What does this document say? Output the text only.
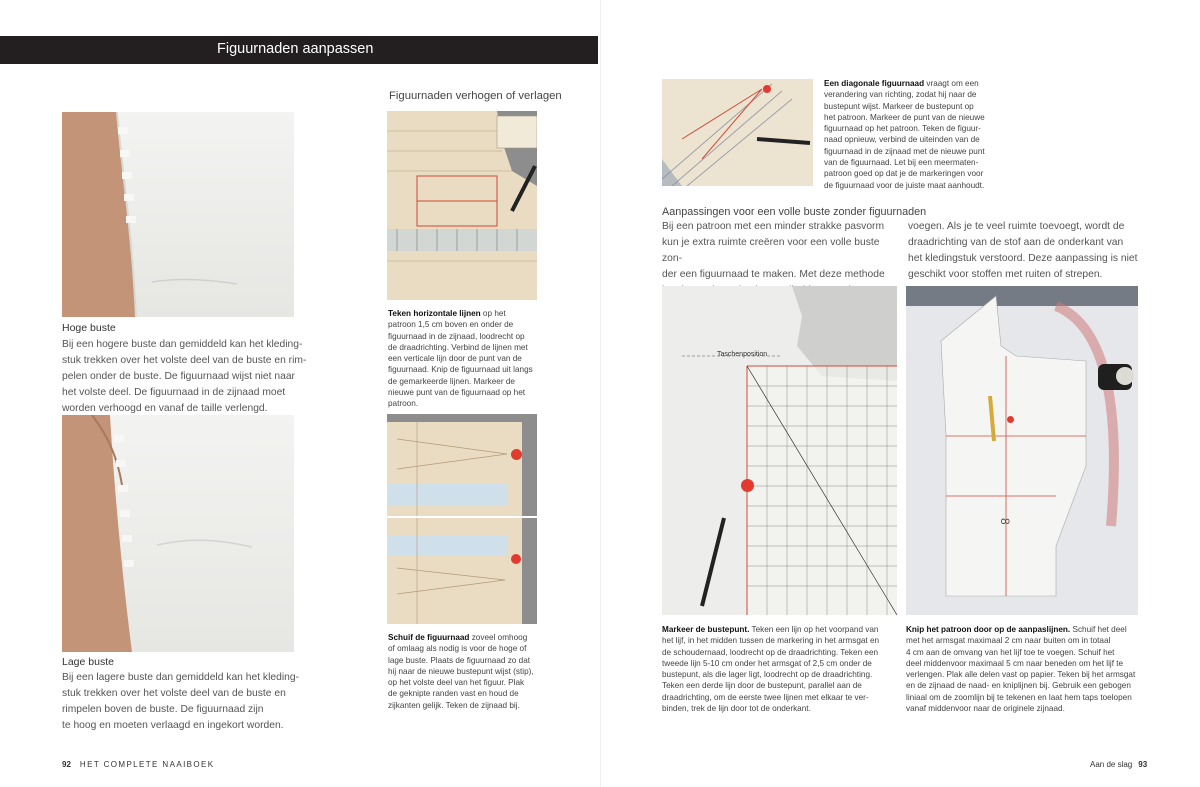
Figuurnaden aanpassen
Hoge buste
Bij een hogere buste dan gemiddeld kan het kleding-
stuk trekken over het volste deel van de buste en rim-
pelen onder de buste. De figuurnaad wijst niet naar
het volste deel. De figuurnaad in de zijnaad moet
worden verhoogd en vanaf de taille verlengd.
Lage buste
Bij een lagere buste dan gemiddeld kan het kleding-
stuk trekken over het volste deel van de buste en
rimpelen boven de buste. De figuurnaad zijn
te hoog en moeten verlaagd en ingekort worden.
Figuurnaden verhogen of verlagen
Teken horizontale lijnen op het
patroon 1,5 cm boven en onder de
figuurnaad in de zijnaad, loodrecht op
de draadrichting. Verbind de lijnen met
een verticale lijn door de punt van de
figuurnaad. Knip de figuurnaad uit langs
de gemarkeerde lijnen. Markeer de
nieuwe punt van de figuurnaad op het
patroon.
Schuif de figuurnaad zoveel omhoog
of omlaag als nodig is voor de hoge of
lage buste. Plaats de figuurnaad zo dat
hij naar de nieuwe bustepunt wijst (stip),
op het volste deel van het figuur. Plak
de geknipte randen vast en houd de
zijkanten gelijk. Teken de zijnaad bij.
Een diagonale figuurnaad vraagt om een
verandering van richting, zodat hij naar de
bustepunt wijst. Markeer de bustepunt op
het patroon. Markeer de punt van de nieuwe
figuurnaad op het patroon. Teken de figuur-
naad opnieuw, verbind de uiteinden van de
figuurnaad in de zijnaad met de nieuwe punt
van de figuurnaad. Let bij een meermaten-
patroon goed op dat je de markeringen voor
de figuurnaad voor de juiste maat aanhoudt.
Aanpassingen voor een volle buste zonder figuurnaden
Bij een patroon met een minder strakke pasvorm
kun je extra ruimte creëren voor een volle buste zon-
der een figuurnaad te maken. Met deze methode
voegen. Als je te veel ruimte toevoegt, wordt de
draadrichting van de stof aan de onderkant van
het kledingstuk verstoord. Deze aanpassing is niet
geschikt voor stoffen met ruiten of strepen.
Taschenposition
Markeer de bustepunt. Teken een lijn op het voorpand van
het lijf, in het midden tussen de markering in het armsgat en
de schoudernaad, loodrecht op de draadrichting. Teken een
tweede lijn 5-10 cm onder het armsgat of 2,5 cm onder de
bustepunt, als die lager ligt, loodrecht op de draadrichting.
Teken een derde lijn door de bustepunt, parallel aan de
draadrichting, om de eerste twee lijnen met elkaar te ver-
binden, trek de lijn door tot de onderkant.
8
Knip het patroon door op de aanpaslijnen. Schuif het deel
met het armsgat maximaal 2 cm naar buiten om in totaal
4 cm aan de omvang van het lijf toe te voegen. Schuif het
deel middenvoor maximaal 5 cm naar beneden om het lijf te
verlengen. Plak alle delen vast op papier. Teken bij het armsgat
en de zijnaad de naad- en kniplijnen bij. Gebruik een gebogen
liniaal om de zoomlijn bij te tekenen en laat hem taps toelopen
vanaf middenvoor naar de originele zijnaad.
92 HET COMPLETE NAAIBOEK	Aan de slag 93
